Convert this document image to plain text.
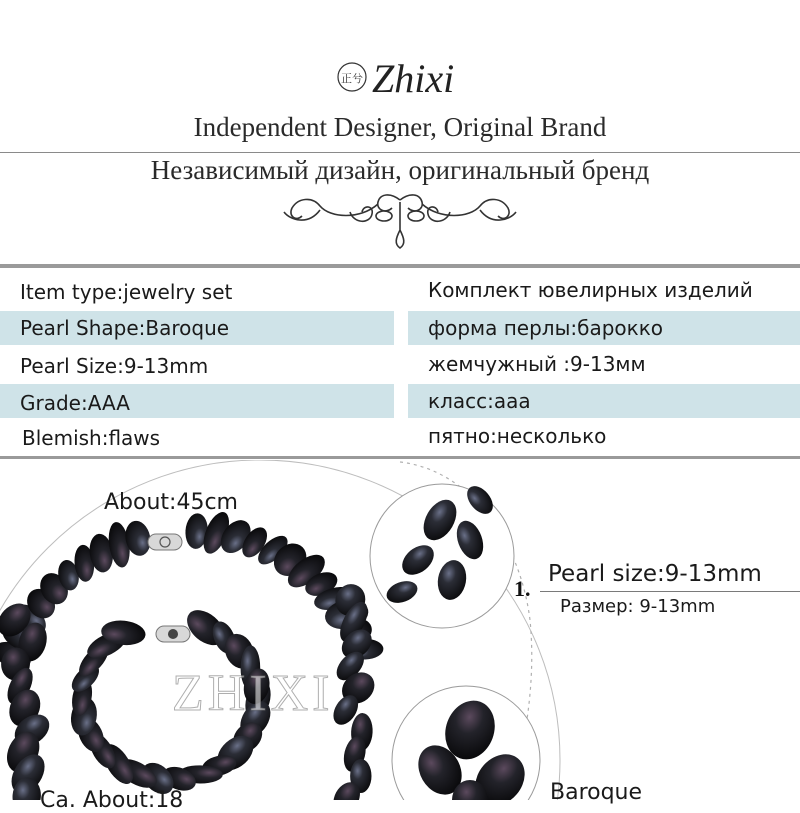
正兮 Zhixi
Independent Designer, Original Brand
Независимый дизайн, оригинальный бренд
Item type:jewelry set	Комплект ювелирных изделий
Pearl Shape:Baroque	форма перлы:барокко
Pearl Size:9-13mm	жемчужный :9-13мм
Grade:AAA	класс:ааа
Blemish:flaws	пятно:несколько
ZHIXI
About:45cm
1.
Pearl size:9-13mm
Размер: 9-13mm
Baroque
Ca. About:18
